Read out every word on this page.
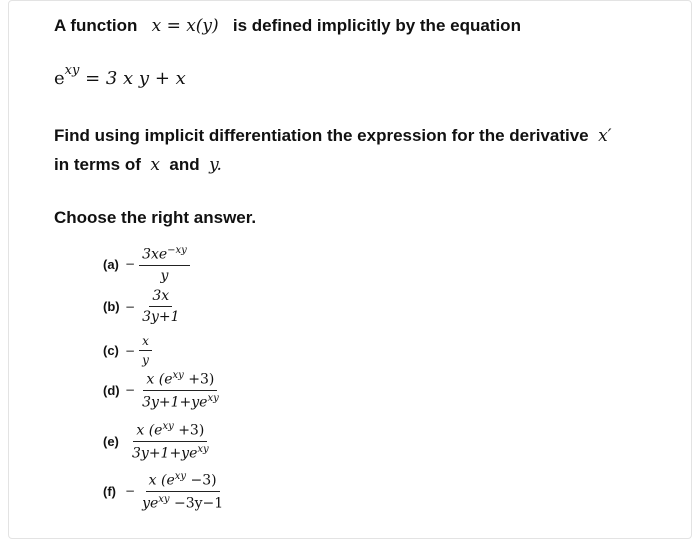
A function x = x(y) is defined implicitly by the equation
$e^{xy} = 3$ x y + x
Find using implicit differentiation the expression for the derivative x′
in terms of x and y.
Choose the right answer.
$(a) - \frac{3xe^{-xy}}{y}$
$(b) - \frac{3x}{3y+1}$
$(c) - \frac{x}{y}$
$(d) - \frac{x (e^{xy} +3)}{3y+1+ye^{xy}}$
$(e) \frac{x (e^{xy} +3)}{3y+1+ye^{xy}}$
$(f) - \frac{x (e^{xy} -3)}{ye^{xy} -3y-1}$
